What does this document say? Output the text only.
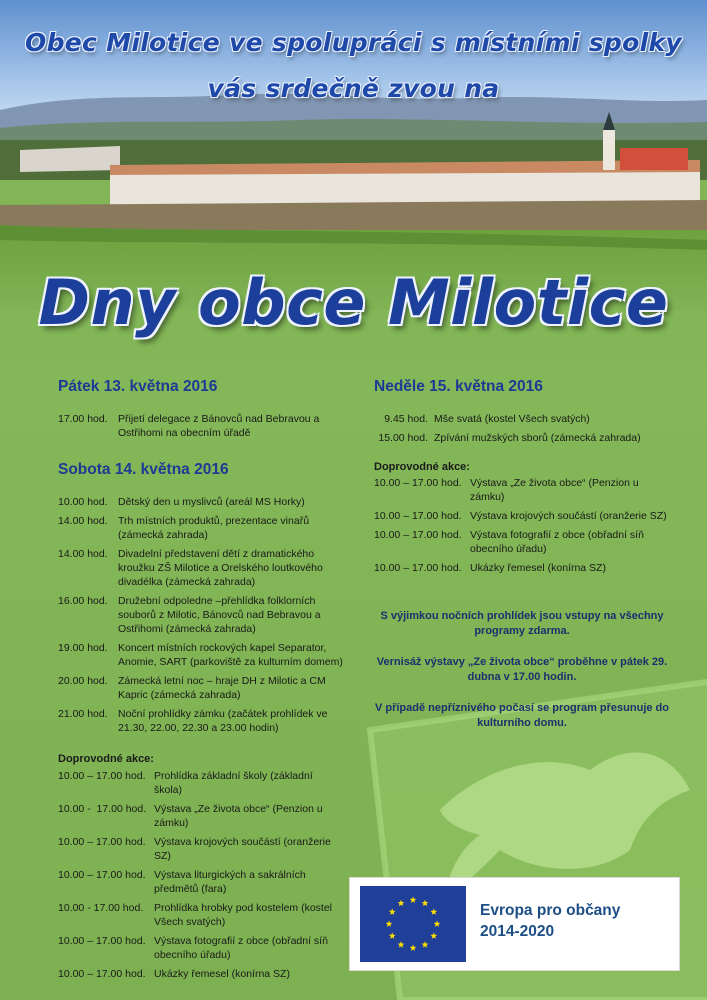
Obec Milotice ve spolupráci s místními spolky
vás srdečně zvou na
Dny obce Milotice
Pátek 13. května 2016
17.00 hod. Přijetí delegace z Bánovců nad Bebravou a Ostřihomi na obecním úřadě
Sobota 14. května 2016
10.00 hod. Dětský den u myslivců (areál MS Horky)
14.00 hod. Trh místních produktů, prezentace vinařů (zámecká zahrada)
14.00 hod. Divadelní představení dětí z dramatického kroužku ZŠ Milotice a Orelského loutkového divadélka (zámecká zahrada)
16.00 hod. Družební odpoledne –přehlídka folklorních souborů z Milotic, Bánovců nad Bebravou a Ostřihomi (zámecká zahrada)
19.00 hod. Koncert místních rockových kapel Separator, Anomie, SART (parkoviště za kulturním domem)
20.00 hod. Zámecká letní noc – hraje DH z Milotic a CM Kapric (zámecká zahrada)
21.00 hod. Noční prohlídky zámku (začátek prohlídek ve 21.30, 22.00, 22.30 a 23.00 hodin)
Doprovodné akce:
10.00 – 17.00 hod. Prohlídka základní školy (základní škola)
10.00 -  17.00 hod. Výstava „Ze života obce“ (Penzion u zámku)
10.00 – 17.00 hod. Výstava krojových součástí (oranžerie SZ)
10.00 – 17.00 hod. Výstava liturgických a sakrálních předmětů (fara)
10.00 - 17.00 hod.	Prohlídka hrobky pod kostelem (kostel Všech svatých)
10.00 – 17.00 hod. Výstava fotografií z obce (obřadní síň obecního úřadu)
10.00 – 17.00 hod. Ukázky řemesel (konírna SZ)
Neděle 15. května 2016
9.45 hod. Mše svatá (kostel Všech svatých)
15.00 hod. Zpívání mužských sborů (zámecká zahrada)
Doprovodné akce:
10.00 – 17.00 hod. Výstava „Ze života obce“ (Penzion u zámku)
10.00 – 17.00 hod. Výstava krojových součástí (oranžerie SZ)
10.00 – 17.00 hod. Výstava fotografií z obce (obřadní síň obecního úřadu)
10.00 – 17.00 hod. Ukázky řemesel (konírna SZ)

S výjimkou nočních prohlídek jsou vstupy na všechny programy zdarma.

Vernisáž výstavy „Ze života obce“ proběhne v pátek 29. dubna v 17.00 hodin.

V případě nepříznivého počasí se program přesunuje do kulturního domu.

Evropa pro občany
2014-2020
